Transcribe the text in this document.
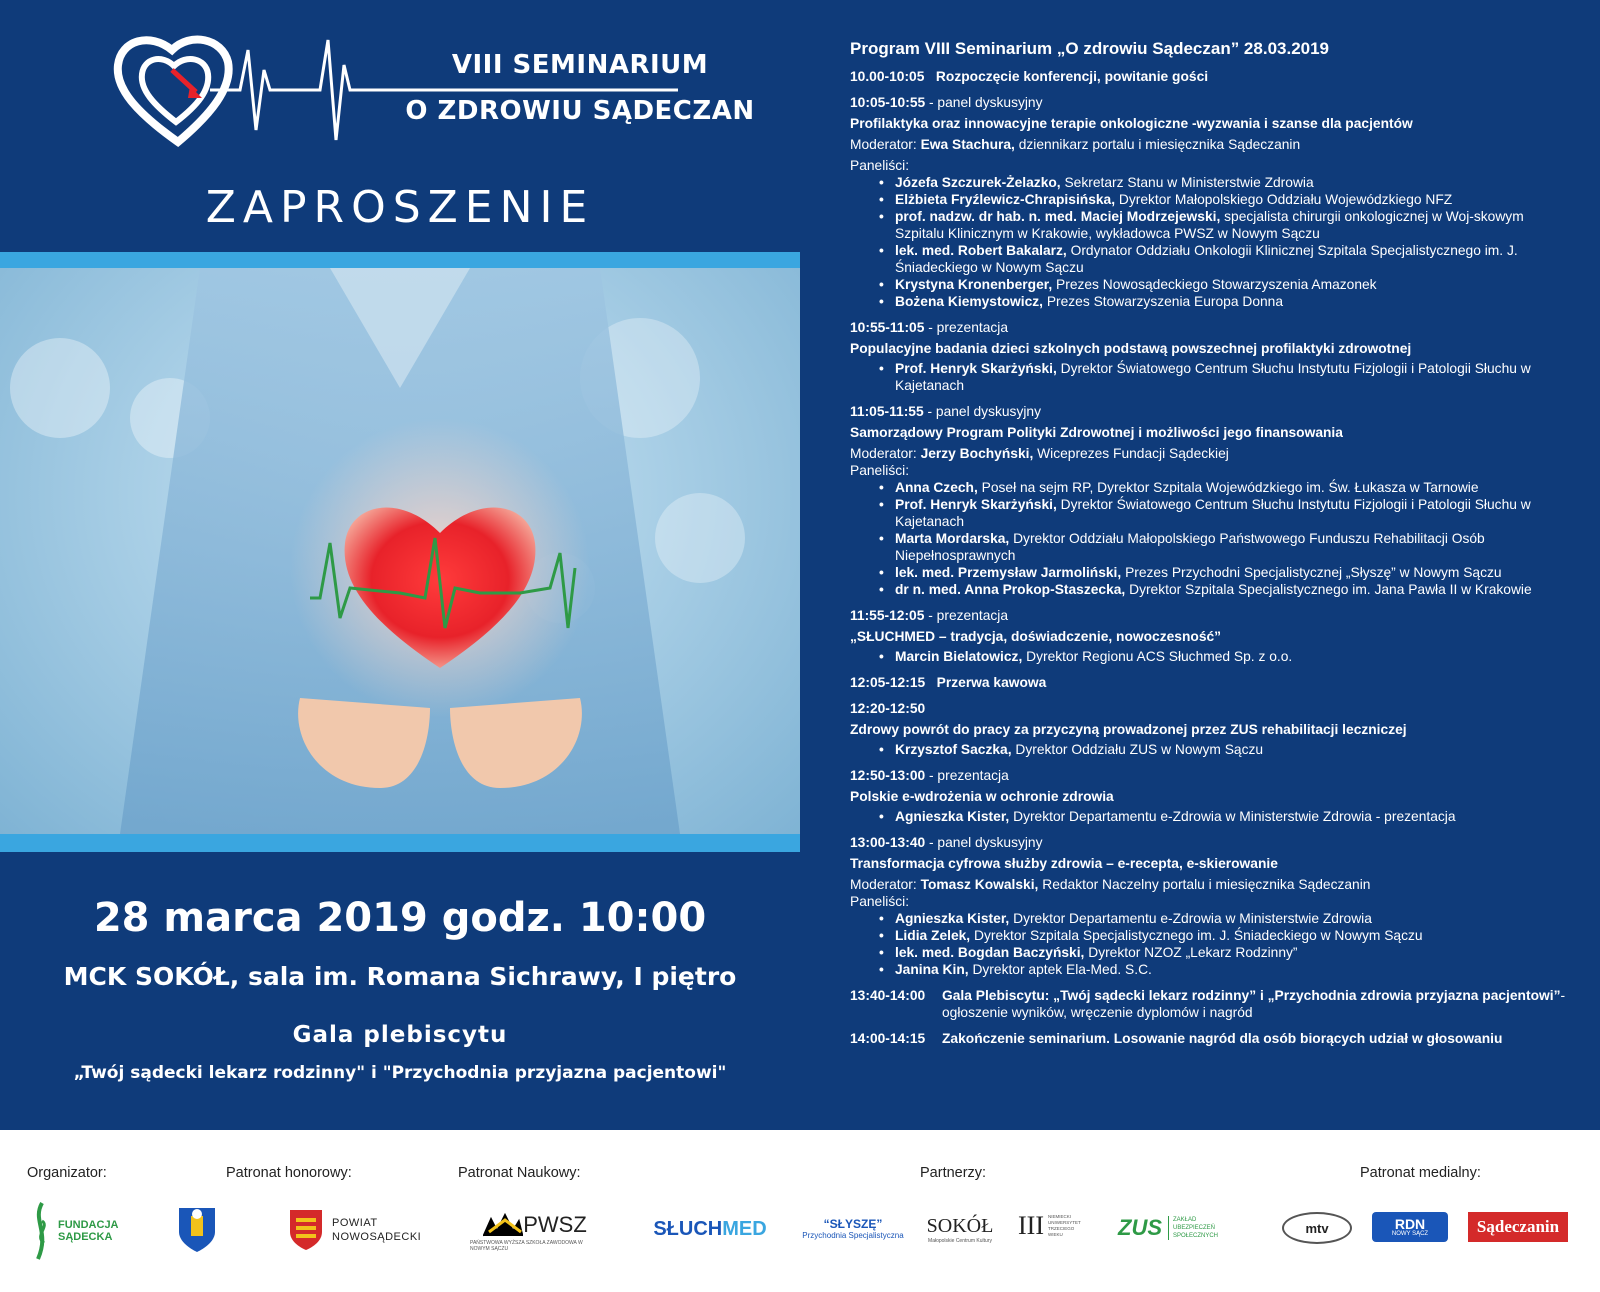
VIII SEMINARIUM
O ZDROWIU SĄDECZAN
ZAPROSZENIE
28 marca 2019 godz. 10:00
MCK SOKÓŁ, sala im. Romana Sichrawy, I piętro
Gala plebiscytu
„Twój sądecki lekarz rodzinny" i "Przychodnia przyjazna pacjentowi"
Program VIII Seminarium „O zdrowiu Sądeczan” 28.03.2019
10.00-10:05 Rozpoczęcie konferencji, powitanie gości
10:05-10:55 - panel dyskusyjny
Profilaktyka oraz innowacyjne terapie onkologiczne -wyzwania i szanse dla pacjentów
Moderator: Ewa Stachura, dziennikarz portalu i miesięcznika Sądeczanin
Paneliści:
• Józefa Szczurek-Żelazko, Sekretarz Stanu w Ministerstwie Zdrowia
• Elżbieta Fryźlewicz-Chrapisińska, Dyrektor Małopolskiego Oddziału Wojewódzkiego NFZ
• prof. nadzw. dr hab. n. med. Maciej Modrzejewski, specjalista chirurgii onkologicznej w Woj-skowym Szpitalu Klinicznym w Krakowie, wykładowca PWSZ w Nowym Sączu
• lek. med. Robert Bakalarz, Ordynator Oddziału Onkologii Klinicznej Szpitala Specjalistycznego im. J. Śniadeckiego w Nowym Sączu
• Krystyna Kronenberger, Prezes Nowosądeckiego Stowarzyszenia Amazonek
• Bożena Kiemystowicz, Prezes Stowarzyszenia Europa Donna
10:55-11:05 - prezentacja
Populacyjne badania dzieci szkolnych podstawą powszechnej profilaktyki zdrowotnej
• Prof. Henryk Skarżyński, Dyrektor Światowego Centrum Słuchu Instytutu Fizjologii i Patologii Słuchu w Kajetanach
11:05-11:55 - panel dyskusyjny
Samorządowy Program Polityki Zdrowotnej i możliwości jego finansowania
Moderator: Jerzy Bochyński, Wiceprezes Fundacji Sądeckiej
Paneliści:
• Anna Czech, Poseł na sejm RP, Dyrektor Szpitala Wojewódzkiego im. Św. Łukasza w Tarnowie
• Prof. Henryk Skarżyński, Dyrektor Światowego Centrum Słuchu Instytutu Fizjologii i Patologii Słuchu w Kajetanach
• Marta Mordarska, Dyrektor Oddziału Małopolskiego Państwowego Funduszu Rehabilitacji Osób Niepełnosprawnych
• lek. med. Przemysław Jarmoliński, Prezes Przychodni Specjalistycznej „Słyszę” w Nowym Sączu
• dr n. med. Anna Prokop-Staszecka, Dyrektor Szpitala Specjalistycznego im. Jana Pawła II w Krakowie
11:55-12:05 - prezentacja
„SŁUCHMED – tradycja, doświadczenie, nowoczesność”
• Marcin Bielatowicz, Dyrektor Regionu ACS Słuchmed Sp. z o.o.
12:05-12:15 Przerwa kawowa
12:20-12:50
Zdrowy powrót do pracy za przyczyną prowadzonej przez ZUS rehabilitacji leczniczej
• Krzysztof Saczka, Dyrektor Oddziału ZUS w Nowym Sączu
12:50-13:00 - prezentacja
Polskie e-wdrożenia w ochronie zdrowia
• Agnieszka Kister, Dyrektor Departamentu e-Zdrowia w Ministerstwie Zdrowia - prezentacja
13:00-13:40 - panel dyskusyjny
Transformacja cyfrowa służby zdrowia – e-recepta, e-skierowanie
Moderator: Tomasz Kowalski, Redaktor Naczelny portalu i miesięcznika Sądeczanin
Paneliści:
• Agnieszka Kister, Dyrektor Departamentu e-Zdrowia w Ministerstwie Zdrowia
• Lidia Zelek, Dyrektor Szpitala Specjalistycznego im. J. Śniadeckiego w Nowym Sączu
• lek. med. Bogdan Baczyński, Dyrektor NZOZ „Lekarz Rodzinny”
• Janina Kin, Dyrektor aptek Ela-Med. S.C.
13:40-14:00	Gala Plebiscytu: „Twój sądecki lekarz rodzinny” i „Przychodnia zdrowia przyjazna pacjentowi”- ogłoszenie wyników, wręczenie dyplomów i nagród
14:00-14:15	Zakończenie seminarium. Losowanie nagród dla osób biorących udział w głosowaniu
Organizator:	Patronat honorowy:	Patronat Naukowy:	Partnerzy:	Patronat medialny:
FUNDACJA
SĄDECKA
POWIAT
NOWOSĄDECKI	PWSZ
PAŃSTWOWA WYŻSZA SZKOŁA ZAWODOWA W NOWYM SĄCZU
SŁUCH MED	“SŁYSZĘ”
Przychodnia Specjalistyczna SOKÓŁ
Małopolskie Centrum Kultury
III NIEMIECKI UNIWERSYTET TRZECIEGO WIEKU	ZUS	ZAKŁAD UBEZPIECZEŃ SPOŁECZNYCH
mtv	RDN
NOWY SĄCZ	Sądeczanin
